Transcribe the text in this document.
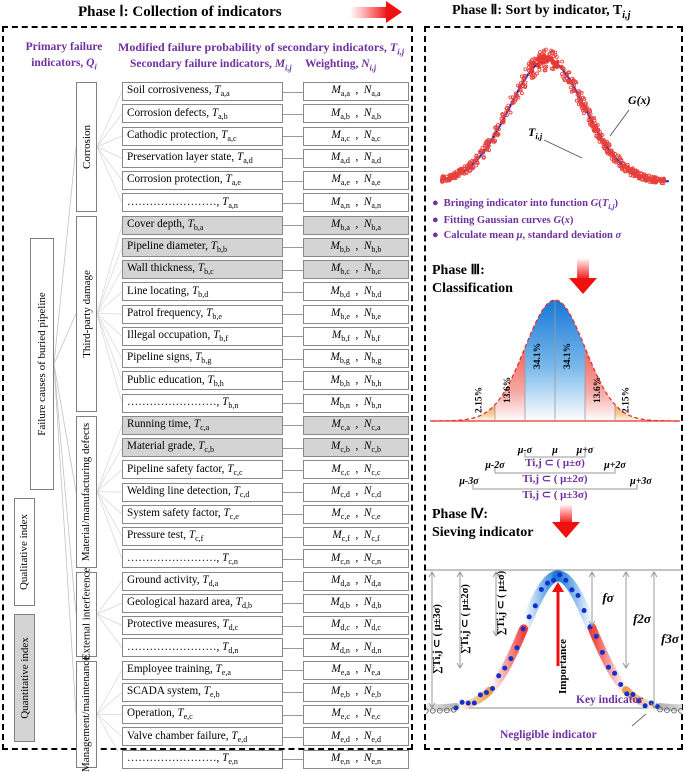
Phase Ⅰ: Collection of indicators	Phase Ⅱ: Sort by indicator, $T_{i,j}$
Primary failure
indicators, $Q_i$
Modified failure probability of secondary indicators, $T_{i,j}$
Secondary failure indicators, $M_{i,j}$ Weighting, $N_{i,j}$
Failure causes of buried pipeline
Qualitative index
Quantitative index
Corrosion
Third-party damage
Material/manufacturing defects
External interference
Management/maintenance
Soil corrosiveness, $T_{a,a}$	$M_{a,a}$  ,  $N_{a,a}$
Corrosion defects, $T_{a,b}$	$M_{a,b}$  ,  $N_{a,b}$
Cathodic protection, $T_{a,c}$	$M_{a,c}$  ,  $N_{a,c}$
Preservation layer state, $T_{a,d}$	$M_{a,d}$  ,  $N_{a,d}$
Corrosion protection, $T_{a,e}$	$M_{a,e}$  ,  $N_{a,e}$
……………………, $T_{a,n}$	$M_{a,n}$  ,  $N_{a,n}$
Cover depth, $T_{b,a}$	$M_{b,a}$  ,  $N_{b,a}$
Pipeline diameter, $T_{b,b}$	$M_{b,b}$  ,  $N_{b,b}$
Wall thickness, $T_{b,c}$	$M_{b,c}$  ,  $N_{b,c}$
Line locating, $T_{b,d}$	$M_{b,d}$  ,  $N_{b,d}$
Patrol frequency, $T_{b,e}$	$M_{b,e}$  ,  $N_{b,e}$
Illegal occupation, $T_{b,f}$	$M_{b,f}$  ,  $N_{b,f}$
Pipeline signs, $T_{b,g}$	$M_{b,g}$  ,  $N_{b,g}$
Public education, $T_{b,h}$	$M_{b,h}$  ,  $N_{b,h}$
……………………, $T_{b,n}$	$M_{b,n}$  ,  $N_{b,n}$
Running time, $T_{c,a}$	$M_{c,a}$  ,  $N_{c,a}$
Material grade, $T_{c,b}$	$M_{c,b}$  ,  $N_{c,b}$
Pipeline safety factor, $T_{c,c}$	$M_{c,c}$  ,  $N_{c,c}$
Welding line detection, $T_{c,d}$	$M_{c,d}$  ,  $N_{c,d}$
System safety factor, $T_{c,e}$	$M_{c,e}$  ,  $N_{c,e}$
Pressure test, $T_{c,f}$	$M_{c,f}$  ,  $N_{c,f}$
……………………, $T_{c,n}$	$M_{c,n}$  ,  $N_{c,n}$
Ground activity, $T_{d,a}$	$M_{d,a}$  ,  $N_{d,a}$
Geological hazard area, $T_{d,b}$	$M_{d,b}$  ,  $N_{d,b}$
Protective measures, $T_{d,c}$	$M_{d,c}$  ,  $N_{d,c}$
……………………, $T_{d,n}$	$M_{d,n}$  ,  $N_{d,n}$
Employee training, $T_{e,a}$	$M_{e,a}$  ,  $N_{e,a}$
SCADA system, $T_{e,b}$	$M_{e,b}$  ,  $N_{e,b}$
Operation, $T_{e,c}$	$M_{e,c}$  ,  $N_{e,c}$
Valve chamber failure, $T_{e,d}$	$M_{e,d}$  ,  $N_{e,d}$
……………………, $T_{e,n}$	$M_{e,n}$  ,  $N_{e,n}$
$T_{i,j}$
G(x)
● Bringing indicator into function $G(T_{i,j})$
● Fitting Gaussian curves G(x)
● Calculate mean μ, standard deviation σ
Phase Ⅲ:
Classification
2.15% 13.6%
34.1% 34.1%
13.6% 2.15%
μ-σ μ μ+σ
μ-2σ	μ+2σ
μ-3σ	μ+3σ
Ti,j ⊂ ( μ±σ)
Ti,j ⊂ ( μ±2σ)
Ti,j ⊂ ( μ±3σ)
Phase Ⅳ:
Sieving indicator
∑Ti,j ⊂ ( μ±σ)
∑Ti,j ⊂ ( μ±2σ)
∑Ti,j ⊂ ( μ±3σ)
fσ
f2σ
f3σ
Importance
Key indicator
Negligible indicator
